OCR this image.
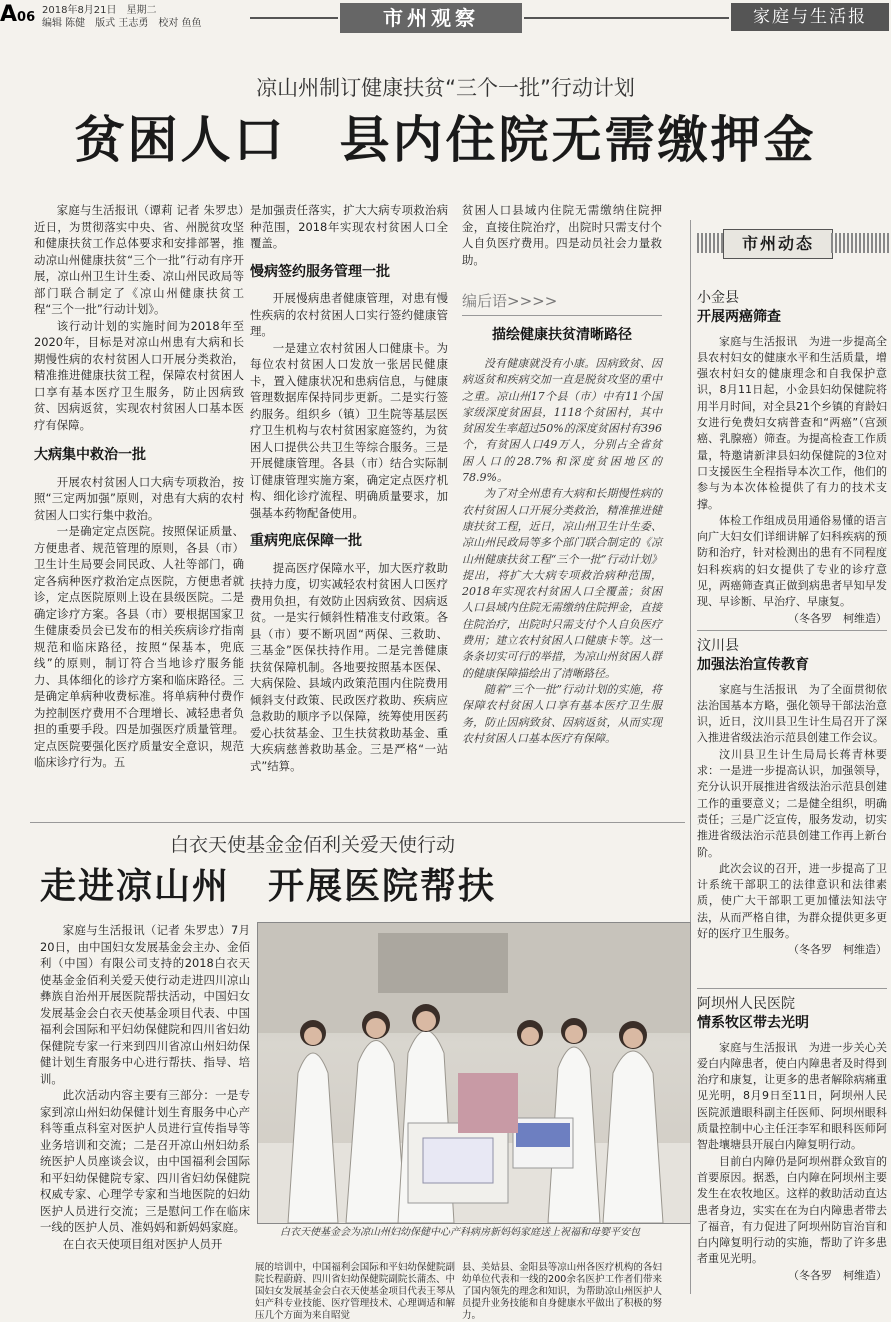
A06 2018年8月21日　星期二
编辑 陈健　版式 王志勇　校对 鱼鱼	市州观察	家庭与生活报
凉山州制订健康扶贫“三个一批”行动计划
贫困人口　县内住院无需缴押金

家庭与生活报讯（谭莉 记者 朱罗忠）近日，为贯彻落实中央、省、州脱贫攻坚和健康扶贫工作总体要求和安排部署，推动凉山州健康扶贫“三个一批”行动有序开展，凉山州卫生计生委、凉山州民政局等部门联合制定了《凉山州健康扶贫工程“三个一批”行动计划》。

该行动计划的实施时间为2018年至2020年，目标是对凉山州患有大病和长期慢性病的农村贫困人口开展分类救治，精准推进健康扶贫工程，保障农村贫困人口享有基本医疗卫生服务，防止因病致贫、因病返贫，实现农村贫困人口基本医疗有保障。

大病集中救治一批

开展农村贫困人口大病专项救治，按照“三定两加强”原则，对患有大病的农村贫困人口实行集中救治。

一是确定定点医院。按照保证质量、方便患者、规范管理的原则，各县（市）卫生计生局要会同民政、人社等部门，确定各病种医疗救治定点医院，方便患者就诊，定点医院原则上设在县级医院。二是确定诊疗方案。各县（市）要根据国家卫生健康委员会已发布的相关疾病诊疗指南规范和临床路径，按照“保基本，兜底线”的原则，制订符合当地诊疗服务能力、具体细化的诊疗方案和临床路径。三是确定单病种收费标准。将单病种付费作为控制医疗费用不合理增长、减轻患者负担的重要手段。四是加强医疗质量管理。定点医院要强化医疗质量安全意识，规范临床诊疗行为。五

是加强责任落实，扩大大病专项救治病种范围，2018年实现农村贫困人口全覆盖。

慢病签约服务管理一批

开展慢病患者健康管理，对患有慢性疾病的农村贫困人口实行签约健康管理。

一是建立农村贫困人口健康卡。为每位农村贫困人口发放一张居民健康卡，置入健康状况和患病信息，与健康管理数据库保持同步更新。二是实行签约服务。组织乡（镇）卫生院等基层医疗卫生机构与农村贫困家庭签约，为贫困人口提供公共卫生等综合服务。三是开展健康管理。各县（市）结合实际制订健康管理实施方案，确定定点医疗机构、细化诊疗流程、明确质量要求，加强基本药物配备使用。

重病兜底保障一批

提高医疗保障水平，加大医疗救助扶持力度，切实减轻农村贫困人口医疗费用负担，有效防止因病致贫、因病返贫。一是实行倾斜性精准支付政策。各县（市）要不断巩固“两保、三救助、三基金”医保扶持作用。二是完善健康扶贫保障机制。各地要按照基本医保、大病保险、县域内政策范围内住院费用倾斜支付政策、民政医疗救助、疾病应急救助的顺序予以保障，统筹使用医药爱心扶贫基金、卫生扶贫救助基金、重大疾病慈善救助基金。三是严格“一站式”结算。

贫困人口县域内住院无需缴纳住院押金，直接住院治疗，出院时只需支付个人自负医疗费用。四是动员社会力量救助。

编后语>>>>
描绘健康扶贫清晰路径

没有健康就没有小康。因病致贫、因病返贫和疾病交加一直是脱贫攻坚的重中之重。凉山州17个县（市）中有11个国家级深度贫困县，1118个贫困村，其中贫困发生率超过50%的深度贫困村有396个，有贫困人口49万人，分别占全省贫困人口的28.7%和深度贫困地区的78.9%。

为了对全州患有大病和长期慢性病的农村贫困人口开展分类救治，精准推进健康扶贫工程，近日，凉山州卫生计生委、凉山州民政局等多个部门联合制定的《凉山州健康扶贫工程“三个一批”行动计划》提出，将扩大大病专项救治病种范围，2018年实现农村贫困人口全覆盖；贫困人口县域内住院无需缴纳住院押金，直接住院治疗，出院时只需支付个人自负医疗费用；建立农村贫困人口健康卡等。这一条条切实可行的举措，为凉山州贫困人群的健康保障描绘出了清晰路径。

随着“三个一批”行动计划的实施，将保障农村贫困人口享有基本医疗卫生服务，防止因病致贫、因病返贫，从而实现农村贫困人口基本医疗有保障。

市州动态
小金县
开展两癌筛查

家庭与生活报讯　为进一步提高全县农村妇女的健康水平和生活质量，增强农村妇女的健康理念和自我保护意识，8月11日起，小金县妇幼保健院将用半月时间，对全县21个乡镇的育龄妇女进行免费妇女病普查和“两癌”（宫颈癌、乳腺癌）筛查。为提高检查工作质量，特邀请新津县妇幼保健院的3位对口支援医生全程指导本次工作，他们的参与为本次体检提供了有力的技术支撑。

体检工作组成员用通俗易懂的语言向广大妇女们详细讲解了妇科疾病的预防和治疗，针对检测出的患有不同程度妇科疾病的妇女提供了专业的诊疗意见，两癌筛查真正做到病患者早知早发现、早诊断、早治疗、早康复。

（冬各罗　柯维造）
汶川县
加强法治宣传教育

家庭与生活报讯　为了全面贯彻依法治国基本方略，强化领导干部法治意识，近日，汶川县卫生计生局召开了深入推进省级法治示范县创建工作会议。

汶川县卫生计生局局长蒋青林要求：一是进一步提高认识，加强领导，充分认识开展推进省级法治示范县创建工作的重要意义；二是健全组织，明确责任；三是广泛宣传，服务发动，切实推进省级法治示范县创建工作再上新台阶。

此次会议的召开，进一步提高了卫计系统干部职工的法律意识和法律素质，使广大干部职工更加懂法知法守法，从而严格自律，为群众提供更多更好的医疗卫生服务。

（冬各罗　柯维造）
阿坝州人民医院
情系牧区带去光明

家庭与生活报讯　为进一步关心关爱白内障患者，使白内障患者及时得到治疗和康复，让更多的患者解除病痛重见光明，8月9日至11日，阿坝州人民医院派遣眼科副主任医师、阿坝州眼科质量控制中心主任汪李军和眼科医师阿智赴壤塘县开展白内障复明行动。

目前白内障仍是阿坝州群众致盲的首要原因。据悉，白内障在阿坝州主要发生在农牧地区。这样的救助活动直达患者身边，实实在在为白内障患者带去了福音，有力促进了阿坝州防盲治盲和白内障复明行动的实施，帮助了许多患者重见光明。

（冬各罗　柯维造）
白衣天使基金金佰利关爱天使行动
走进凉山州　开展医院帮扶

家庭与生活报讯（记者 朱罗忠）7月20日，由中国妇女发展基金会主办、金佰利（中国）有限公司支持的2018白衣天使基金金佰利关爱天使行动走进四川凉山彝族自治州开展医院帮扶活动，中国妇女发展基金会白衣天使基金项目代表、中国福利会国际和平妇幼保健院和四川省妇幼保健院专家一行来到四川省凉山州妇幼保健计划生育服务中心进行帮扶、指导、培训。

此次活动内容主要有三部分：一是专家到凉山州妇幼保健计划生育服务中心产科等重点科室对医护人员进行宣传指导等业务培训和交流；二是召开凉山州妇幼系统医护人员座谈会议，由中国福利会国际和平妇幼保健院专家、四川省妇幼保健院权威专家、心理学专家和当地医院的妇幼医护人员进行交流；三是慰问工作在临床一线的医护人员、准妈妈和新妈妈家庭。

在白衣天使项目组对医护人员开

白衣天使基金会为凉山州妇幼保健中心产科病房新妈妈家庭送上祝福和母婴平安包

展的培训中，中国福利会国际和平妇幼保健院副院长程蔚蔚、四川省妇幼保健院副院长蒲杰、中国妇女发展基金会白衣天使基金项目代表王琴从妇产科专业技能、医疗管理技术、心理调适和解压几个方面为来自昭觉

县、美姑县、金阳县等凉山州各医疗机构的各妇幼单位代表和一线的200余名医护工作者们带来了国内领先的理念和知识，为帮助凉山州医护人员提升业务技能和自身健康水平做出了积极的努力。
